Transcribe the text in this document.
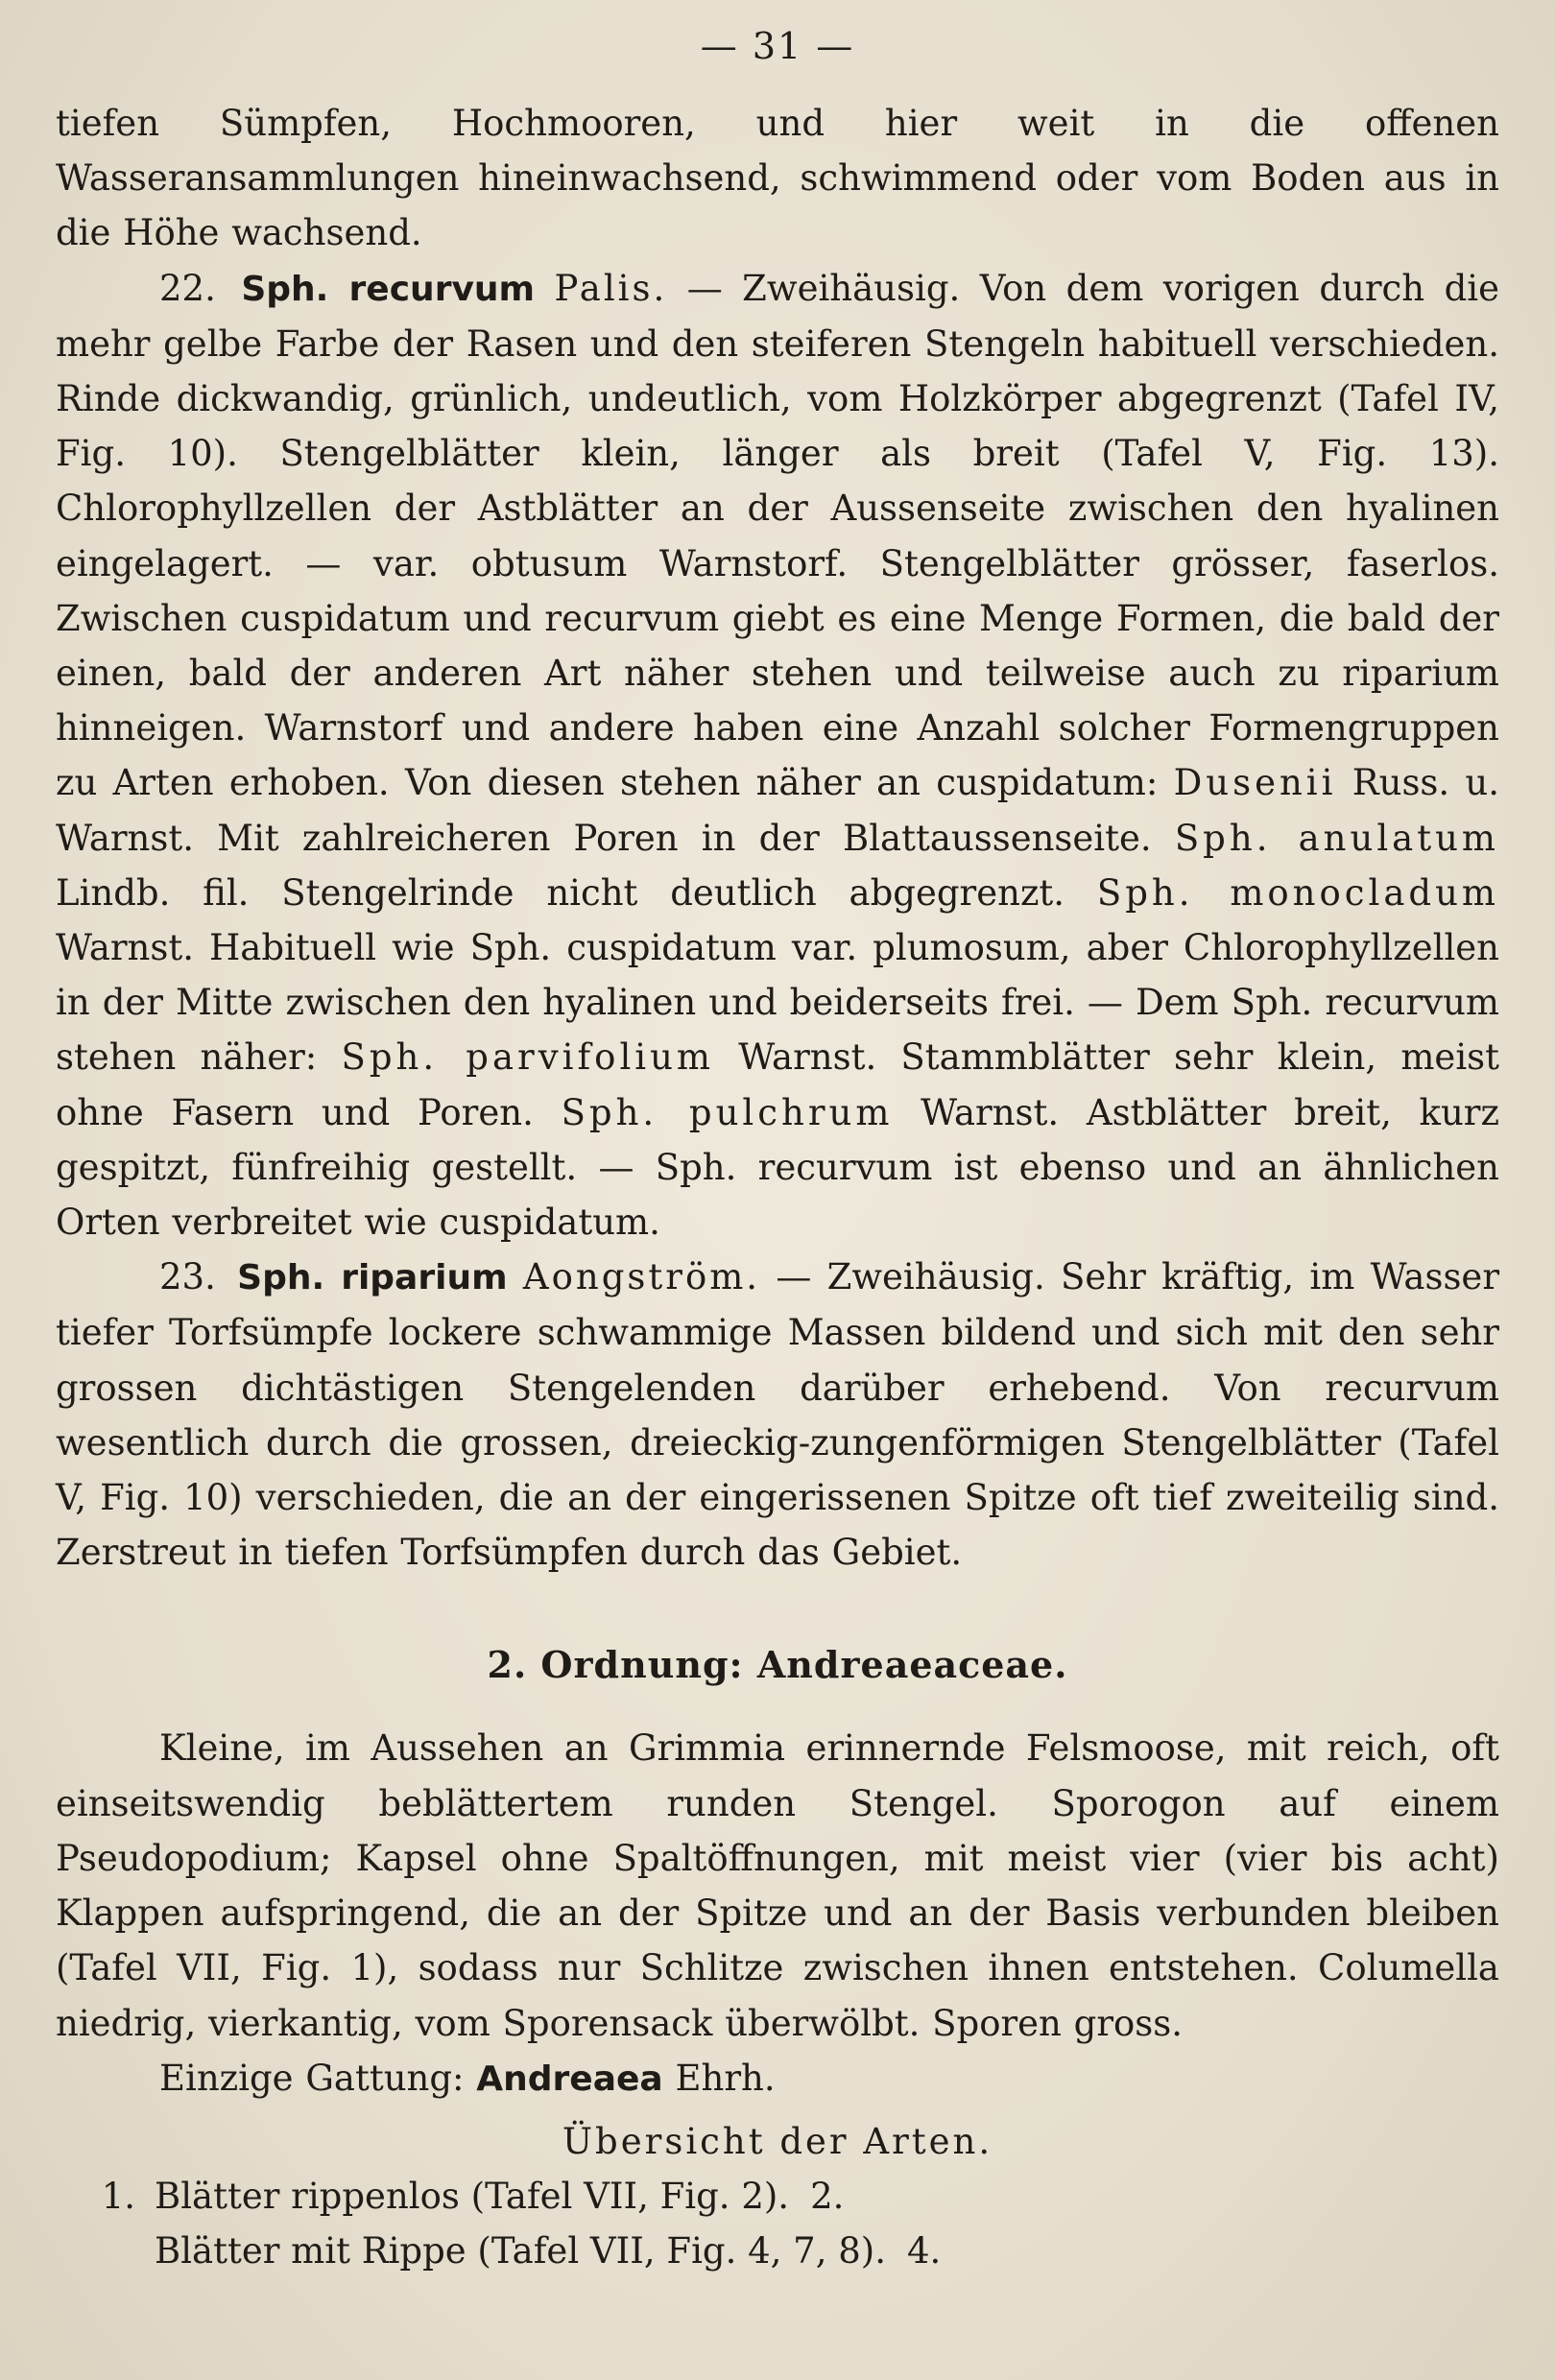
— 31 —

tiefen Sümpfen, Hochmooren, und hier weit in die offenen Wasseransammlungen hineinwachsend, schwimmend oder vom Boden aus in die Höhe wachsend.

22. Sph. recurvum Palis. — Zweihäusig. Von dem vorigen durch die mehr gelbe Farbe der Rasen und den steiferen Stengeln habituell verschieden. Rinde dickwandig, grünlich, undeutlich, vom Holzkörper abgegrenzt (Tafel IV, Fig. 10). Stengelblätter klein, länger als breit (Tafel V, Fig. 13). Chlorophyllzellen der Astblätter an der Aussenseite zwischen den hyalinen eingelagert. — var. obtusum Warnstorf. Stengelblätter grösser, faserlos. Zwischen cuspidatum und recurvum giebt es eine Menge Formen, die bald der einen, bald der anderen Art näher stehen und teilweise auch zu riparium hinneigen. Warnstorf und andere haben eine Anzahl solcher Formengruppen zu Arten erhoben. Von diesen stehen näher an cuspidatum: Dusenii Russ. u. Warnst. Mit zahlreicheren Poren in der Blattaussenseite. Sph. anulatum Lindb. fil. Stengelrinde nicht deutlich abgegrenzt. Sph. monocladum Warnst. Habituell wie Sph. cuspidatum var. plumosum, aber Chlorophyllzellen in der Mitte zwischen den hyalinen und beiderseits frei. — Dem Sph. recurvum stehen näher: Sph. parvifolium Warnst. Stammblätter sehr klein, meist ohne Fasern und Poren. Sph. pulchrum Warnst. Astblätter breit, kurz gespitzt, fünfreihig gestellt. — Sph. recurvum ist ebenso und an ähnlichen Orten verbreitet wie cuspidatum.

23. Sph. riparium Aongström. — Zweihäusig. Sehr kräftig, im Wasser tiefer Torfsümpfe lockere schwammige Massen bildend und sich mit den sehr grossen dichtästigen Stengelenden darüber erhebend. Von recurvum wesentlich durch die grossen, dreieckig-zungenförmigen Stengelblätter (Tafel V, Fig. 10) verschieden, die an der eingerissenen Spitze oft tief zweiteilig sind. Zerstreut in tiefen Torfsümpfen durch das Gebiet.

2. Ordnung: Andreaeaceae.

Kleine, im Aussehen an Grimmia erinnernde Felsmoose, mit reich, oft einseitswendig beblättertem runden Stengel. Sporogon auf einem Pseudopodium; Kapsel ohne Spaltöffnungen, mit meist vier (vier bis acht) Klappen aufspringend, die an der Spitze und an der Basis verbunden bleiben (Tafel VII, Fig. 1), sodass nur Schlitze zwischen ihnen entstehen. Columella niedrig, vierkantig, vom Sporensack überwölbt. Sporen gross.

Einzige Gattung: Andreaea Ehrh.

Übersicht der Arten.
1. Blätter rippenlos (Tafel VII, Fig. 2). 2.
Blätter mit Rippe (Tafel VII, Fig. 4, 7, 8). 4.
